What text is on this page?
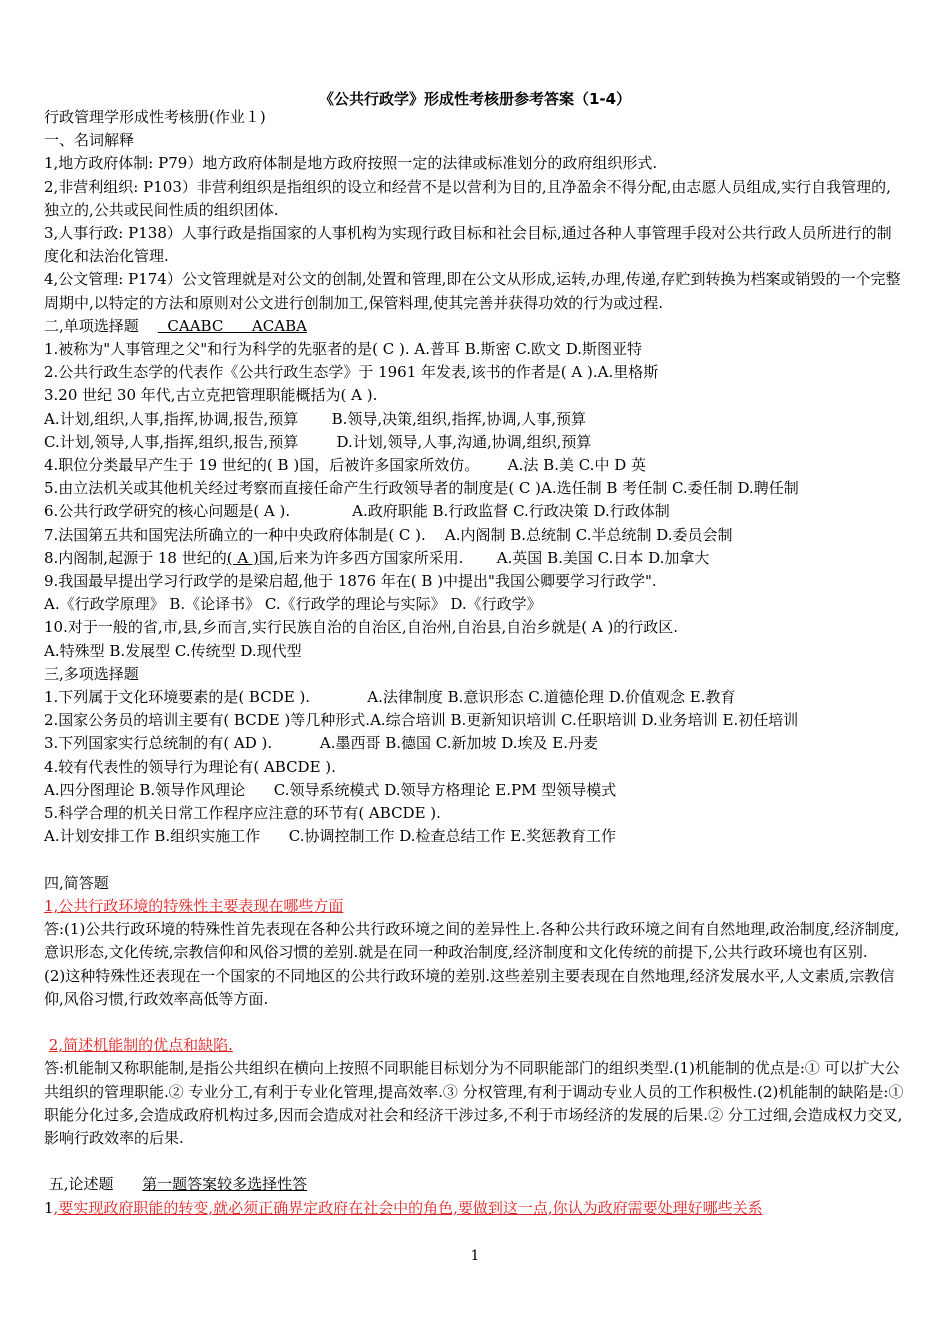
《公共行政学》形成性考核册参考答案（1-4）

行政管理学形成性考核册(作业１)

一、名词解释

1,地方政府体制: P79）地方政府体制是地方政府按照一定的法律或标准划分的政府组织形式.

2,非营利组织: P103）非营利组织是指组织的设立和经营不是以营利为目的,且净盈余不得分配,由志愿人员组成,实行自我管理的,独立的,公共或民间性质的组织团体.

3,人事行政: P138）人事行政是指国家的人事机构为实现行政目标和社会目标,通过各种人事管理手段对公共行政人员所进行的制度化和法治化管理.

4,公文管理: P174）公文管理就是对公文的创制,处置和管理,即在公文从形成,运转,办理,传递,存贮到转换为档案或销毁的一个完整周期中,以特定的方法和原则对公文进行创制加工,保管料理,使其完善并获得功效的行为或过程.

二,单项选择题      CAABC      ACABA

1.被称为"人事管理之父"和行为科学的先驱者的是( C ). A.普耳 B.斯密 C.欧文 D.斯图亚特

2.公共行政生态学的代表作《公共行政生态学》于 1961 年发表,该书的作者是( A ).A.里格斯

3.20 世纪 30 年代,古立克把管理职能概括为( A ).

A.计划,组织,人事,指挥,协调,报告,预算       B.领导,决策,组织,指挥,协调,人事,预算

C.计划,领导,人事,指挥,组织,报告,预算        D.计划,领导,人事,沟通,协调,组织,预算

4.职位分类最早产生于 19 世纪的( B )国，后被许多国家所效仿。      A.法 B.美 C.中 D 英

5.由立法机关或其他机关经过考察而直接任命产生行政领导者的制度是( C )A.选任制 B 考任制 C.委任制 D.聘任制

6.公共行政学研究的核心问题是( A ).             A.政府职能 B.行政监督 C.行政决策 D.行政体制

7.法国第五共和国宪法所确立的一种中央政府体制是( C ).    A.内阁制 B.总统制 C.半总统制 D.委员会制

8.内阁制,起源于 18 世纪的( A )国,后来为许多西方国家所采用.       A.英国 B.美国 C.日本 D.加拿大

9.我国最早提出学习行政学的是梁启超,他于 1876 年在( B )中提出"我国公卿要学习行政学".

A.《行政学原理》 B.《论译书》 C.《行政学的理论与实际》 D.《行政学》

10.对于一般的省,市,县,乡而言,实行民族自治的自治区,自治州,自治县,自治乡就是( A )的行政区.

A.特殊型 B.发展型 C.传统型 D.现代型

三,多项选择题

1.下列属于文化环境要素的是( BCDE ).            A.法律制度 B.意识形态 C.道德伦理 D.价值观念 E.教育

2.国家公务员的培训主要有( BCDE )等几种形式.A.综合培训 B.更新知识培训 C.任职培训 D.业务培训 E.初任培训

3.下列国家实行总统制的有( AD ).          A.墨西哥 B.德国 C.新加坡 D.埃及 E.丹麦

4.较有代表性的领导行为理论有( ABCDE ).

A.四分图理论 B.领导作风理论      C.领导系统模式 D.领导方格理论 E.PM 型领导模式

5.科学合理的机关日常工作程序应注意的环节有( ABCDE ).

A.计划安排工作 B.组织实施工作      C.协调控制工作 D.检查总结工作 E.奖惩教育工作

四,简答题

1,公共行政环境的特殊性主要表现在哪些方面

答:(1)公共行政环境的特殊性首先表现在各种公共行政环境之间的差异性上.各种公共行政环境之间有自然地理,政治制度,经济制度,意识形态,文化传统,宗教信仰和风俗习惯的差别.就是在同一种政治制度,经济制度和文化传统的前提下,公共行政环境也有区别.

(2)这种特殊性还表现在一个国家的不同地区的公共行政环境的差别.这些差别主要表现在自然地理,经济发展水平,人文素质,宗教信仰,风俗习惯,行政效率高低等方面.

2,简述机能制的优点和缺陷.

答:机能制又称职能制,是指公共组织在横向上按照不同职能目标划分为不同职能部门的组织类型.(1)机能制的优点是:① 可以扩大公共组织的管理职能.② 专业分工,有利于专业化管理,提高效率.③ 分权管理,有利于调动专业人员的工作积极性.(2)机能制的缺陷是:① 职能分化过多,会造成政府机构过多,因而会造成对社会和经济干涉过多,不利于市场经济的发展的后果.② 分工过细,会造成权力交叉,影响行政效率的后果.

五,论述题 第一题答案较多选择性答

1,要实现政府职能的转变,就必须正确界定政府在社会中的角色,要做到这一点,你认为政府需要处理好哪些关系

1
